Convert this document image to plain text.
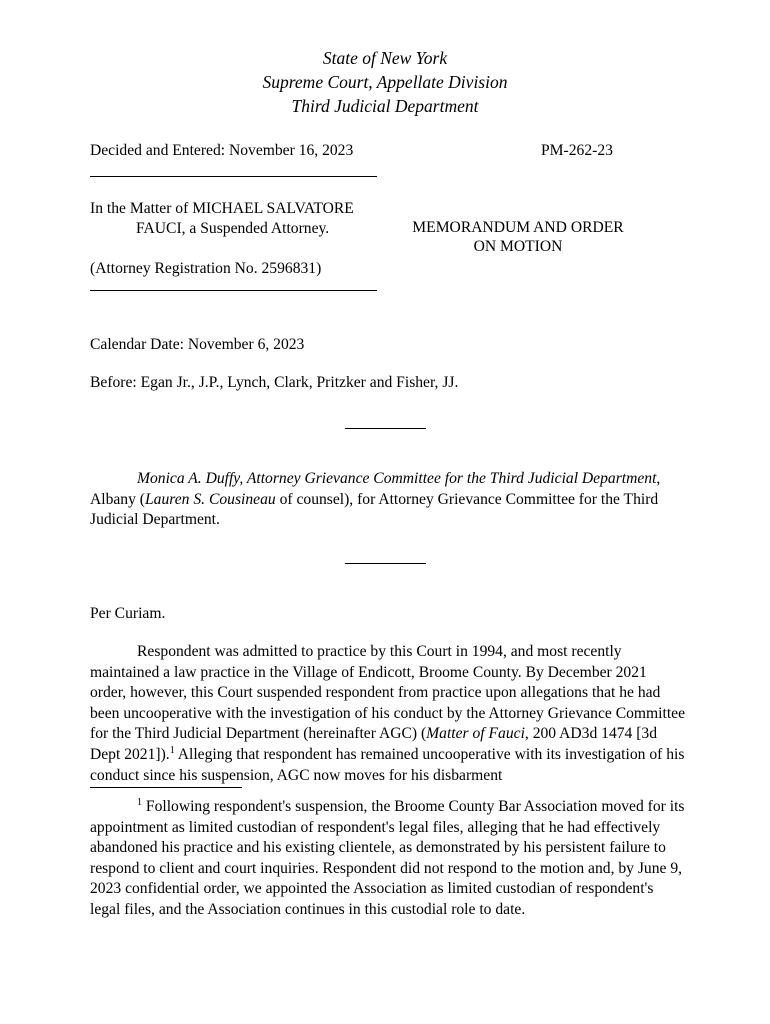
State of New York
Supreme Court, Appellate Division
Third Judicial Department
Decided and Entered: November 16, 2023	PM-262-23
In the Matter of MICHAEL SALVATORE
FAUCI, a Suspended Attorney.
(Attorney Registration No. 2596831)
MEMORANDUM AND ORDER
ON MOTION
Calendar Date: November 6, 2023
Before: Egan Jr., J.P., Lynch, Clark, Pritzker and Fisher, JJ.
Monica A. Duffy, Attorney Grievance Committee for the Third Judicial Department, Albany (Lauren S. Cousineau of counsel), for Attorney Grievance Committee for the Third Judicial Department.
Per Curiam.
Respondent was admitted to practice by this Court in 1994, and most recently maintained a law practice in the Village of Endicott, Broome County. By December 2021 order, however, this Court suspended respondent from practice upon allegations that he had been uncooperative with the investigation of his conduct by the Attorney Grievance Committee for the Third Judicial Department (hereinafter AGC) (Matter of Fauci, 200 AD3d 1474 [3d Dept 2021]).$^1$ Alleging that respondent has remained uncooperative with its investigation of his conduct since his suspension, AGC now moves for his disbarment
$^1$ Following respondent's suspension, the Broome County Bar Association moved for its appointment as limited custodian of respondent's legal files, alleging that he had effectively abandoned his practice and his existing clientele, as demonstrated by his persistent failure to respond to client and court inquiries. Respondent did not respond to the motion and, by June 9, 2023 confidential order, we appointed the Association as limited custodian of respondent's legal files, and the Association continues in this custodial role to date.
